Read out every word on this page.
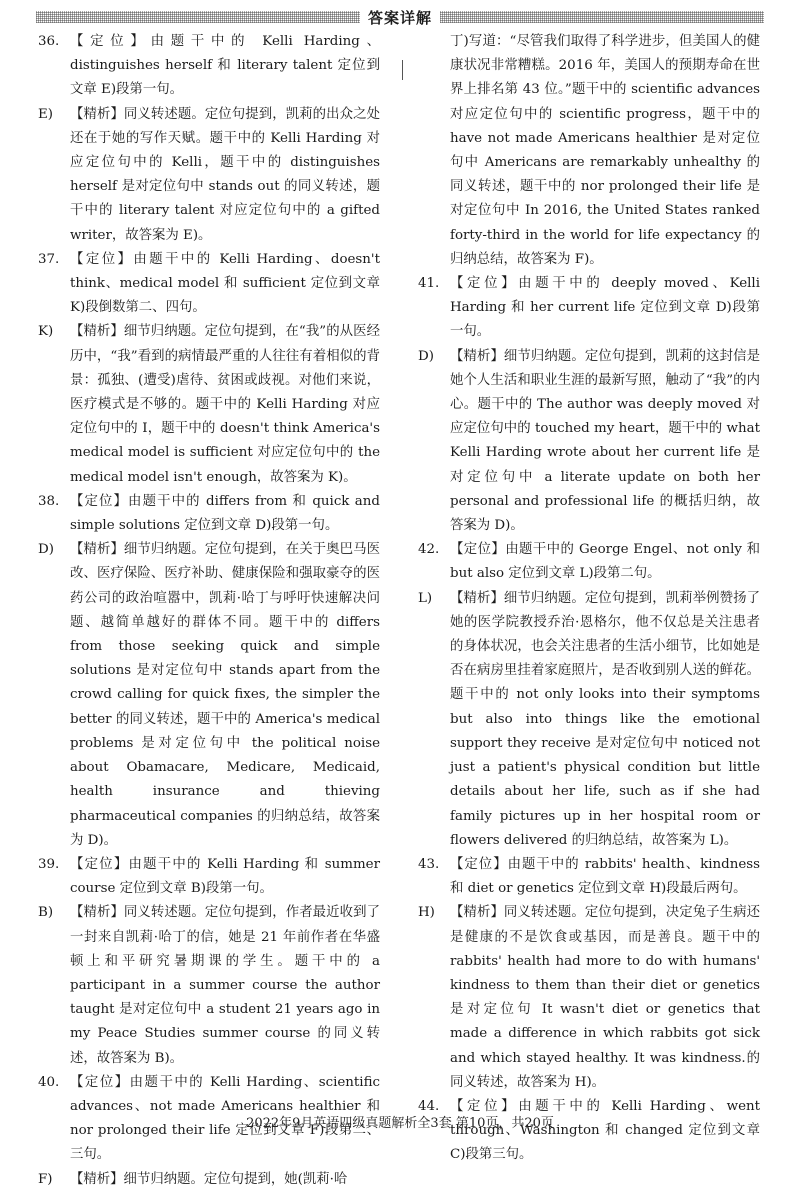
答案详解
36. 【定位】由题干中的 Kelli Harding、distinguishes herself 和 literary talent 定位到文章 E)段第一句。
E)	【精析】同义转述题。定位句提到，凯莉的出众之处还在于她的写作天赋。题干中的 Kelli Harding 对应定位句中的 Kelli，题干中的 distinguishes herself 是对定位句中 stands out 的同义转述，题干中的 literary talent 对应定位句中的 a gifted writer，故答案为 E)。
37. 【定位】由题干中的 Kelli Harding、doesn't think、medical model 和 sufficient 定位到文章 K)段倒数第二、四句。
K)	【精析】细节归纳题。定位句提到，在“我”的从医经历中，“我”看到的病情最严重的人往往有着相似的背景：孤独、(遭受)虐待、贫困或歧视。对他们来说，医疗模式是不够的。题干中的 Kelli Harding 对应定位句中的 I，题干中的 doesn't think America's medical model is sufficient 对应定位句中的 the medical model isn't enough，故答案为 K)。
38. 【定位】由题干中的 differs from 和 quick and simple solutions 定位到文章 D)段第一句。
D)	【精析】细节归纳题。定位句提到，在关于奥巴马医改、医疗保险、医疗补助、健康保险和强取豪夺的医药公司的政治喧嚣中，凯莉·哈丁与呼吁快速解决问题、越简单越好的群体不同。题干中的 differs from those seeking quick and simple solutions 是对定位句中 stands apart from the crowd calling for quick fixes, the simpler the better 的同义转述，题干中的 America's medical problems 是对定位句中 the political noise about Obamacare, Medicare, Medicaid, health insurance and thieving pharmaceutical companies 的归纳总结，故答案为 D)。
39. 【定位】由题干中的 Kelli Harding 和 summer course 定位到文章 B)段第一句。
B)	【精析】同义转述题。定位句提到，作者最近收到了一封来自凯莉·哈丁的信，她是 21 年前作者在华盛顿上和平研究暑期课的学生。题干中的 a participant in a summer course the author taught 是对定位句中 a student 21 years ago in my Peace Studies summer course 的同义转述，故答案为 B)。
40. 【定位】由题干中的 Kelli Harding、scientific advances、not made Americans healthier 和 nor prolonged their life 定位到文章 F)段第二、三句。
F)	【精析】细节归纳题。定位句提到，她(凯莉·哈
丁)写道：“尽管我们取得了科学进步，但美国人的健康状况非常糟糕。2016 年，美国人的预期寿命在世界上排名第 43 位。”题干中的 scientific advances 对应定位句中的 scientific progress，题干中的 have not made Americans healthier 是对定位句中 Americans are remarkably unhealthy 的同义转述，题干中的 nor prolonged their life 是对定位句中 In 2016, the United States ranked forty-third in the world for life expectancy 的归纳总结，故答案为 F)。
41. 【定位】由题干中的 deeply moved、Kelli Harding 和 her current life 定位到文章 D)段第一句。
D)	【精析】细节归纳题。定位句提到，凯莉的这封信是她个人生活和职业生涯的最新写照，触动了“我”的内心。题干中的 The author was deeply moved 对应定位句中的 touched my heart，题干中的 what Kelli Harding wrote about her current life 是对定位句中 a literate update on both her personal and professional life 的概括归纳，故答案为 D)。
42. 【定位】由题干中的 George Engel、not only 和 but also 定位到文章 L)段第二句。
L)	【精析】细节归纳题。定位句提到，凯莉举例赞扬了她的医学院教授乔治·恩格尔，他不仅总是关注患者的身体状况，也会关注患者的生活小细节，比如她是否在病房里挂着家庭照片，是否收到别人送的鲜花。题干中的 not only looks into their symptoms but also into things like the emotional support they receive 是对定位句中 noticed not just a patient's physical condition but little details about her life, such as if she had family pictures up in her hospital room or flowers delivered 的归纳总结，故答案为 L)。
43. 【定位】由题干中的 rabbits' health、kindness 和 diet or genetics 定位到文章 H)段最后两句。
H)	【精析】同义转述题。定位句提到，决定兔子生病还是健康的不是饮食或基因，而是善良。题干中的 rabbits' health had more to do with humans' kindness to them than their diet or genetics 是对定位句 It wasn't diet or genetics that made a difference in which rabbits got sick and which stayed healthy. It was kindness.的同义转述，故答案为 H)。
44. 【定位】由题干中的 Kelli Harding、went through、Washington 和 changed 定位到文章 C)段第三句。
2022年9月英语四级真题解析全3套 第10页，共20页
